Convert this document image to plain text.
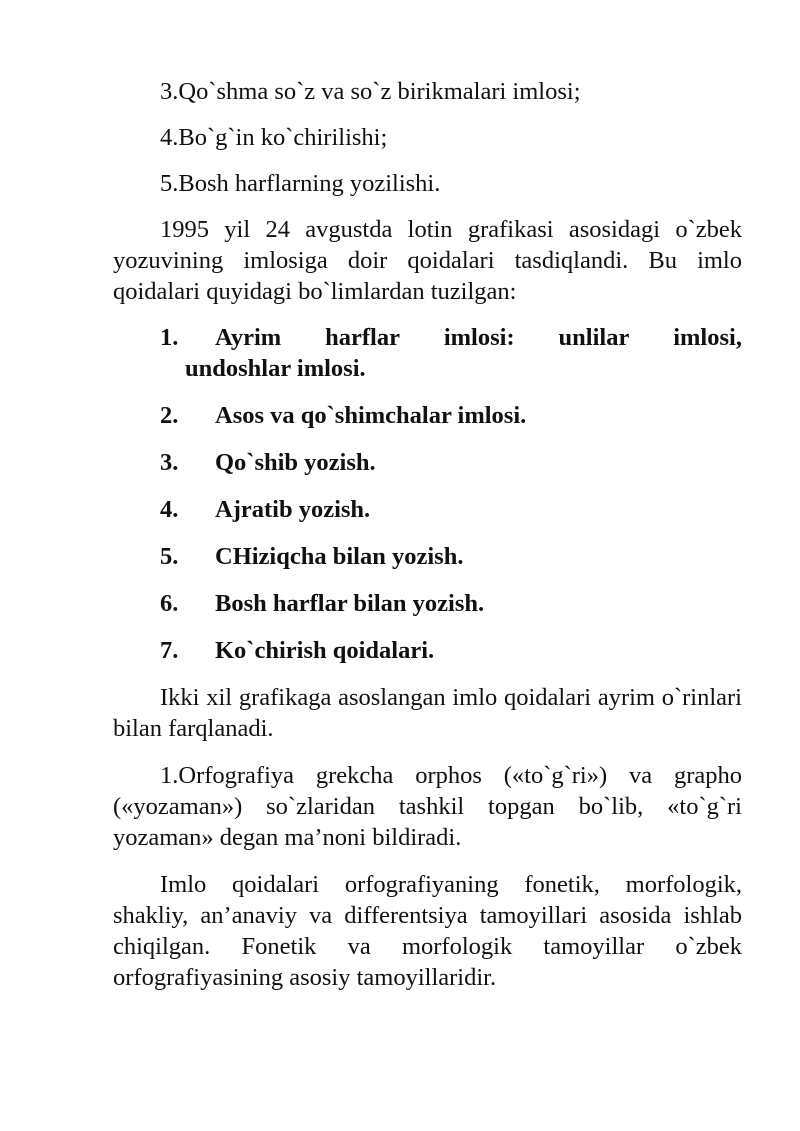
3.Qo`shma so`z va so`z birikmalari imlosi;

4.Bo`g`in ko`chirilishi;

5.Bosh harflarning yozilishi.

1995 yil 24 avgustda lotin grafikasi asosidagi o`zbek yozuvining imlosiga doir qoidalari tasdiqlandi. Bu imlo qoidalari quyidagi bo`limlardan tuzilgan:

1. Ayrim harflar imlosi: unlilar imlosi,
undoshlar imlosi.
2. Asos va qo`shimchalar imlosi.
3. Qo`shib yozish.
4. Ajratib yozish.
5. CHiziqcha bilan yozish.
6. Bosh harflar bilan yozish.
7. Ko`chirish qoidalari.

Ikki xil grafikaga asoslangan imlo qoidalari ayrim o`rinlari bilan farqlanadi.

1.Orfografiya grekcha orphos («to`g`ri») va grapho («yozaman») so`zlaridan tashkil topgan bo`lib, «to`g`ri yozaman» degan ma’noni bildiradi.

Imlo qoidalari orfografiyaning fonetik, morfologik, shakliy, an’anaviy va differentsiya tamoyillari asosida ishlab chiqilgan. Fonetik va morfologik tamoyillar o`zbek orfografiyasining asosiy tamoyillaridir.
